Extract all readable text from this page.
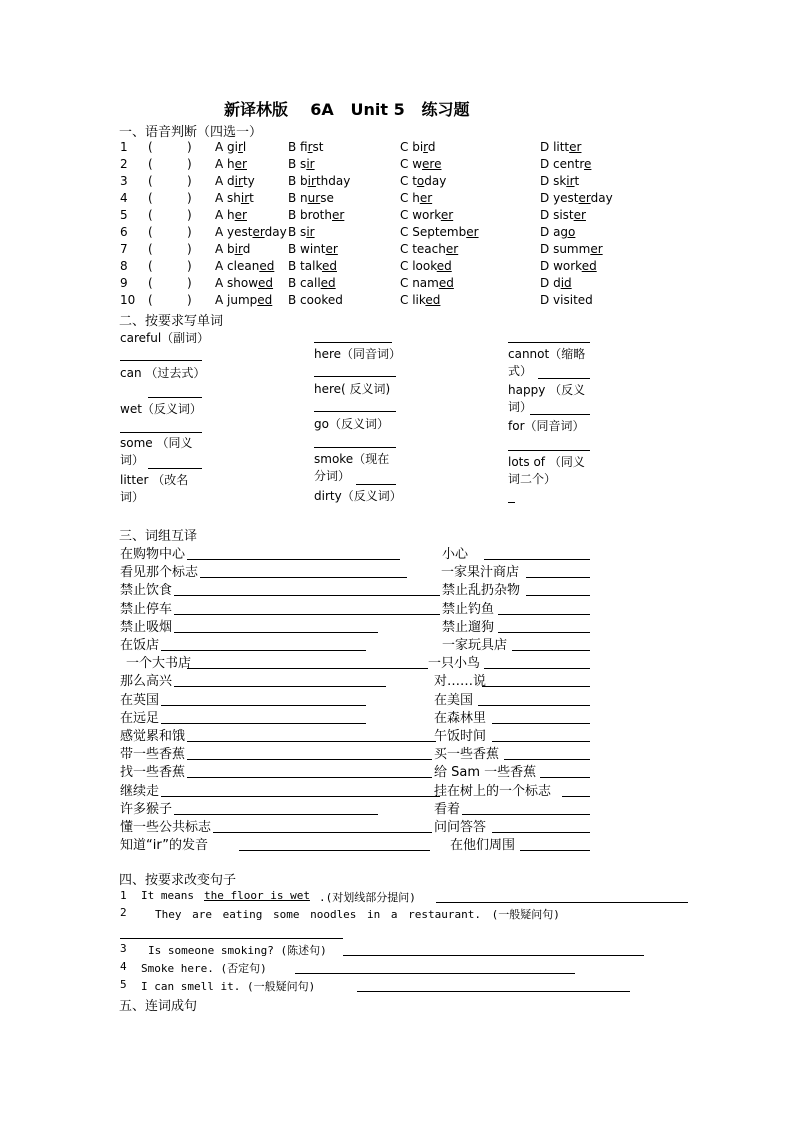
新译林版    6A   Unit 5   练习题
一、语音判断（四选一）
1 (	) A girl	B first	C bird	D litter
2 (	) A her	B sir	C were	D centre
3 (	) A dirty	B birthday	C today	D skirt
4 (	) A shirt	B nurse	C her	D yesterday
5 (	) A her	B brother	C worker	D sister
6 (	) A yesterday B sir	C September	D ago
7 (	) A bird	B winter	C teacher	D summer
8 (	) A cleaned B talked	C looked	D worked
9 (	) A showed B called	C named	D did
10 (	) A jumped B cooked	C liked	D visited
二、按要求写单词
careful（副词）
can （过去式）
wet（反义词）
some （同义词）
litter （改名词）
here（同音词）
here( 反义词)
go（反义词）
smoke（现在分词）
dirty（反义词）
cannot（缩略式）
happy （反义词）
for（同音词）
lots of （同义词二个）
三、词组互译
在购物中心	小心
看见那个标志	一家果汁商店
禁止饮食	禁止乱扔杂物
禁止停车	禁止钓鱼
禁止吸烟	禁止遛狗
在饭店	一家玩具店
一个大书店	一只小鸟
那么高兴	对……说
在英国	在美国
在远足	在森林里
感觉累和饿	午饭时间
带一些香蕉	买一些香蕉
找一些香蕉	给 Sam 一些香蕉
继续走	挂在树上的一个标志
许多猴子	看着
懂一些公共标志	问问答答
知道“ir”的发音	在他们周围
四、按要求改变句子
1 It means the floor is wet .(对划线部分提问)
2	They are eating some noodles in a restaurant. (一般疑问句)
3 Is someone smoking? (陈述句)
4 Smoke here. (否定句)
5 I can smell it. (一般疑问句)
五、连词成句
